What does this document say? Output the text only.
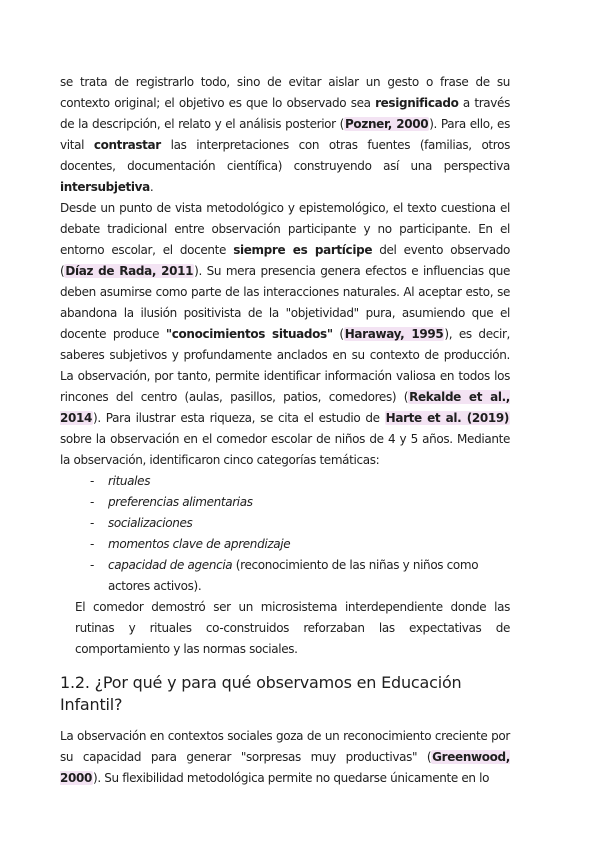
se trata de registrarlo todo, sino de evitar aislar un gesto o frase de su contexto original; el objetivo es que lo observado sea resignificado a través de la descripción, el relato y el análisis posterior (Pozner, 2000). Para ello, es vital contrastar las interpretaciones con otras fuentes (familias, otros docentes, documentación científica) construyendo así una perspectiva intersubjetiva.

Desde un punto de vista metodológico y epistemológico, el texto cuestiona el debate tradicional entre observación participante y no participante. En el entorno escolar, el docente siempre es partícipe del evento observado (Díaz de Rada, 2011). Su mera presencia genera efectos e influencias que deben asumirse como parte de las interacciones naturales. Al aceptar esto, se abandona la ilusión positivista de la "objetividad" pura, asumiendo que el docente produce "conocimientos situados" (Haraway, 1995), es decir, saberes subjetivos y profundamente anclados en su contexto de producción. La observación, por tanto, permite identificar información valiosa en todos los rincones del centro (aulas, pasillos, patios, comedores) (Rekalde et al., 2014). Para ilustrar esta riqueza, se cita el estudio de Harte et al. (2019) sobre la observación en el comedor escolar de niños de 4 y 5 años. Mediante la observación, identificaron cinco categorías temáticas:

- rituales
- preferencias alimentarias
- socializaciones
- momentos clave de aprendizaje
- capacidad de agencia (reconocimiento de las niñas y niños como actores activos).

El comedor demostró ser un microsistema interdependiente donde las rutinas y rituales co-construidos reforzaban las expectativas de comportamiento y las normas sociales.

1.2. ¿Por qué y para qué observamos en Educación Infantil?

La observación en contextos sociales goza de un reconocimiento creciente por su capacidad para generar "sorpresas muy productivas" (Greenwood, 2000). Su flexibilidad metodológica permite no quedarse únicamente en lo
